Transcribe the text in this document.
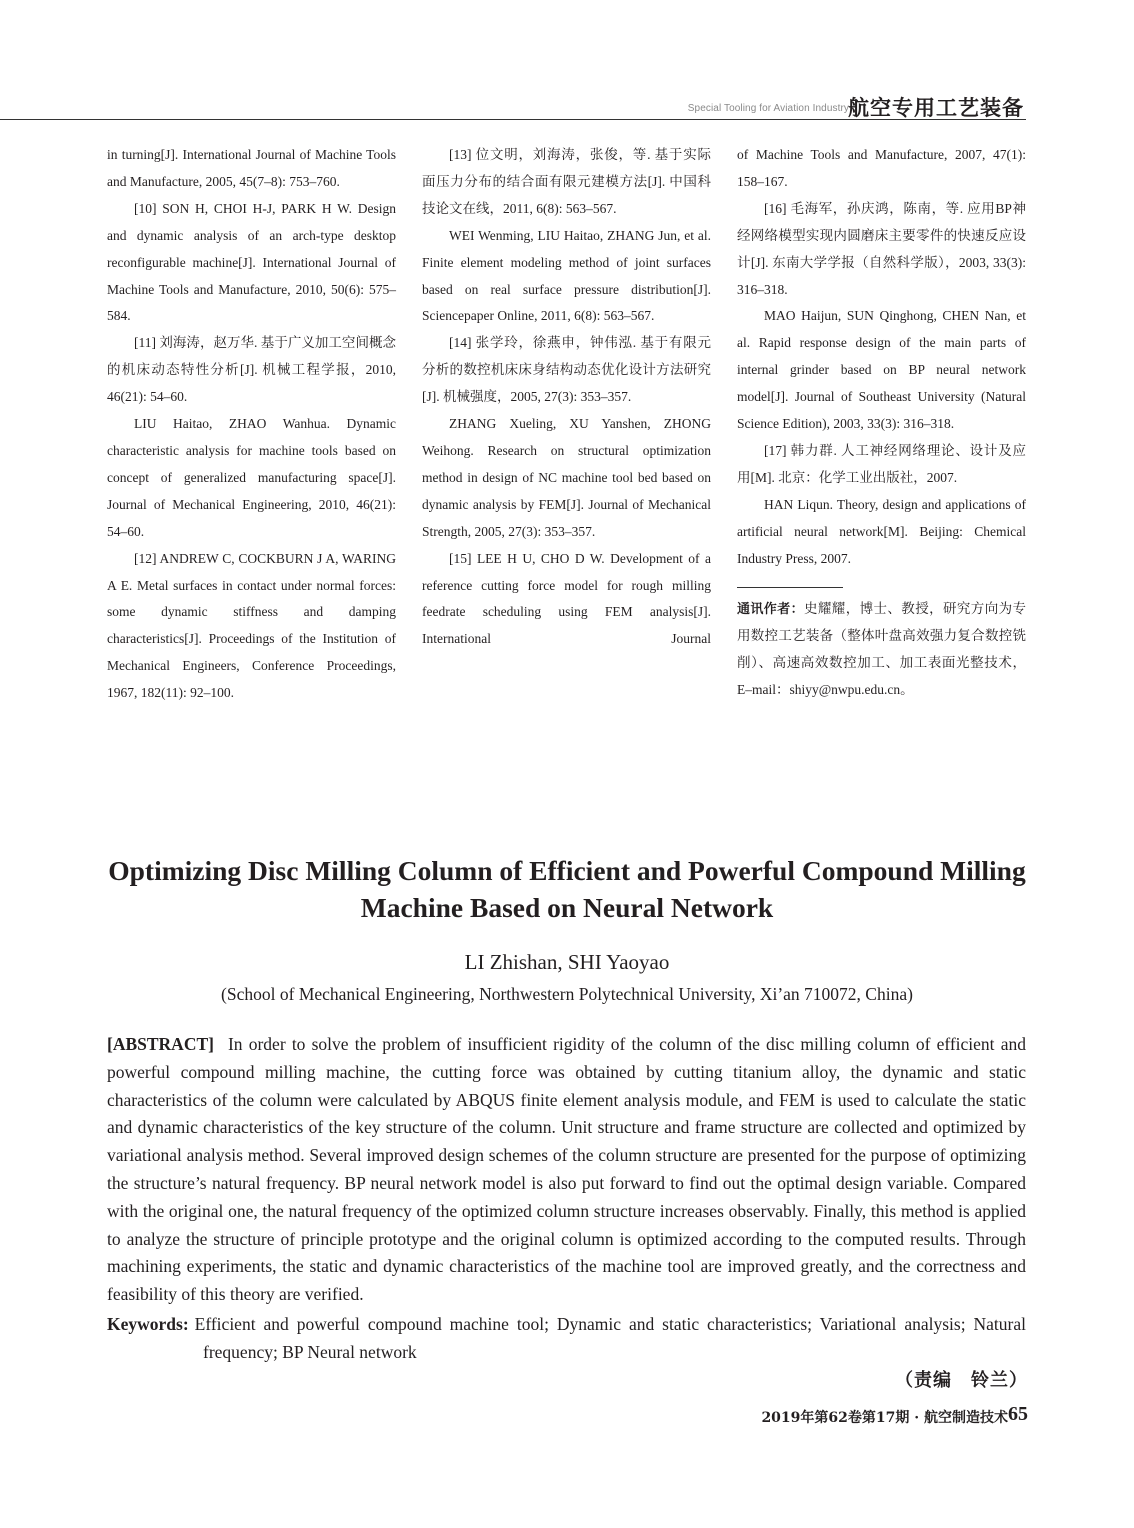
Special Tooling for Aviation Industry 航空专用工艺装备

in turning[J]. International Journal of Machine Tools and Manufacture, 2005, 45(7–8): 753–760.

[10] SON H, CHOI H-J, PARK H W. Design and dynamic analysis of an arch-type desktop reconfigurable machine[J]. International Journal of Machine Tools and Manufacture, 2010, 50(6): 575–584.

[11] 刘海涛，赵万华. 基于广义加工空间概念的机床动态特性分析[J]. 机械工程学报，2010, 46(21): 54–60.

LIU Haitao, ZHAO Wanhua. Dynamic characteristic analysis for machine tools based on concept of generalized manufacturing space[J]. Journal of Mechanical Engineering, 2010, 46(21): 54–60.

[12] ANDREW C, COCKBURN J A, WARING A E. Metal surfaces in contact under normal forces: some dynamic stiffness and damping characteristics[J]. Proceedings of the Institution of Mechanical Engineers, Conference Proceedings, 1967, 182(11): 92–100.

[13] 位文明，刘海涛，张俊，等. 基于实际面压力分布的结合面有限元建模方法[J]. 中国科技论文在线，2011, 6(8): 563–567.

WEI Wenming, LIU Haitao, ZHANG Jun, et al. Finite element modeling method of joint surfaces based on real surface pressure distribution[J]. Sciencepaper Online, 2011, 6(8): 563–567.

[14] 张学玲，徐燕申，钟伟泓. 基于有限元分析的数控机床床身结构动态优化设计方法研究[J]. 机械强度，2005, 27(3): 353–357.

ZHANG Xueling, XU Yanshen, ZHONG Weihong. Research on structural optimization method in design of NC machine tool bed based on dynamic analysis by FEM[J]. Journal of Mechanical Strength, 2005, 27(3): 353–357.

[15] LEE H U, CHO D W. Development of a reference cutting force model for rough milling feedrate scheduling using FEM analysis[J]. International Journal

of Machine Tools and Manufacture, 2007, 47(1): 158–167.

[16] 毛海军，孙庆鸿，陈南，等. 应用BP神经网络模型实现内圆磨床主要零件的快速反应设计[J]. 东南大学学报（自然科学版），2003, 33(3): 316–318.

MAO Haijun, SUN Qinghong, CHEN Nan, et al. Rapid response design of the main parts of internal grinder based on BP neural network model[J]. Journal of Southeast University (Natural Science Edition), 2003, 33(3): 316–318.

[17] 韩力群. 人工神经网络理论、设计及应用[M]. 北京：化学工业出版社，2007.

HAN Liqun. Theory, design and applications of artificial neural network[M]. Beijing: Chemical Industry Press, 2007.

通讯作者：史耀耀，博士、教授，研究方向为专用数控工艺装备（整体叶盘高效强力复合数控铣削）、高速高效数控加工、加工表面光整技术，E–mail：shiyy@nwpu.edu.cn。

Optimizing Disc Milling Column of Efficient and Powerful Compound Milling Machine Based on Neural Network
LI Zhishan, SHI Yaoyao
(School of Mechanical Engineering, Northwestern Polytechnical University, Xi’an 710072, China)
[ABSTRACT] In order to solve the problem of insufficient rigidity of the column of the disc milling column of efficient and powerful compound milling machine, the cutting force was obtained by cutting titanium alloy, the dynamic and static characteristics of the column were calculated by ABQUS finite element analysis module, and FEM is used to calculate the static and dynamic characteristics of the key structure of the column. Unit structure and frame structure are collected and optimized by variational analysis method. Several improved design schemes of the column structure are presented for the purpose of optimizing the structure’s natural frequency. BP neural network model is also put forward to find out the optimal design variable. Compared with the original one, the natural frequency of the optimized column structure increases observably. Finally, this method is applied to analyze the structure of principle prototype and the original column is optimized according to the computed results. Through machining experiments, the static and dynamic characteristics of the machine tool are improved greatly, and the correctness and feasibility of this theory are verified.
Keywords: Efficient and powerful compound machine tool; Dynamic and static characteristics; Variational analysis; Natural frequency; BP Neural network
（责编　铃兰）
2019年第62卷第17期 · 航空制造技术 65
